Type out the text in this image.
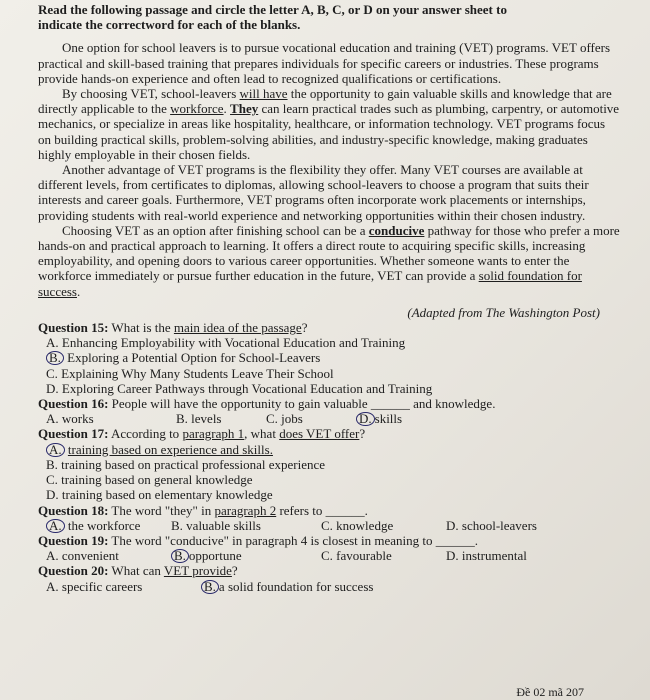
Read the following passage and circle the letter A, B, C, or D on your answer sheet to
indicate the correctword for each of the blanks.

One option for school leavers is to pursue vocational education and training (VET) programs. VET offers practical and skill-based training that prepares individuals for specific careers or industries. These programs provide hands-on experience and often lead to recognized qualifications or certifications.

By choosing VET, school-leavers will have the opportunity to gain valuable skills and knowledge that are directly applicable to the workforce. They can learn practical trades such as plumbing, carpentry, or automotive mechanics, or specialize in areas like hospitality, healthcare, or information technology. VET programs focus on building practical skills, problem-solving abilities, and industry-specific knowledge, making graduates highly employable in their chosen fields.

Another advantage of VET programs is the flexibility they offer. Many VET courses are available at different levels, from certificates to diplomas, allowing school-leavers to choose a program that suits their interests and career goals. Furthermore, VET programs often incorporate work placements or internships, providing students with real-world experience and networking opportunities within their chosen industry.

Choosing VET as an option after finishing school can be a conducive pathway for those who prefer a more hands-on and practical approach to learning. It offers a direct route to acquiring specific skills, increasing employability, and opening doors to various career opportunities. Whether someone wants to enter the workforce immediately or pursue further education in the future, VET can provide a solid foundation for success.

(Adapted from The Washington Post)
Question 15: What is the main idea of the passage?
A. Enhancing Employability with Vocational Education and Training
B. Exploring a Potential Option for School-Leavers
C. Explaining Why Many Students Leave Their School
D. Exploring Career Pathways through Vocational Education and Training
Question 16: People will have the opportunity to gain valuable ______ and knowledge.
A. works	B. levels	C. jobs	D. skills
Question 17: According to paragraph 1, what does VET offer?
A. training based on experience and skills.
B. training based on practical professional experience
C. training based on general knowledge
D. training based on elementary knowledge
Question 18: The word "they" in paragraph 2 refers to ______.
A. the workforce	B. valuable skills	C. knowledge	D. school-leavers
Question 19: The word "conducive" in paragraph 4 is closest in meaning to ______.
A. convenient	B. opportune	C. favourable	D. instrumental
Question 20: What can VET provide?
A. specific careers	B. a solid foundation for success
Đề 02 mã 207
